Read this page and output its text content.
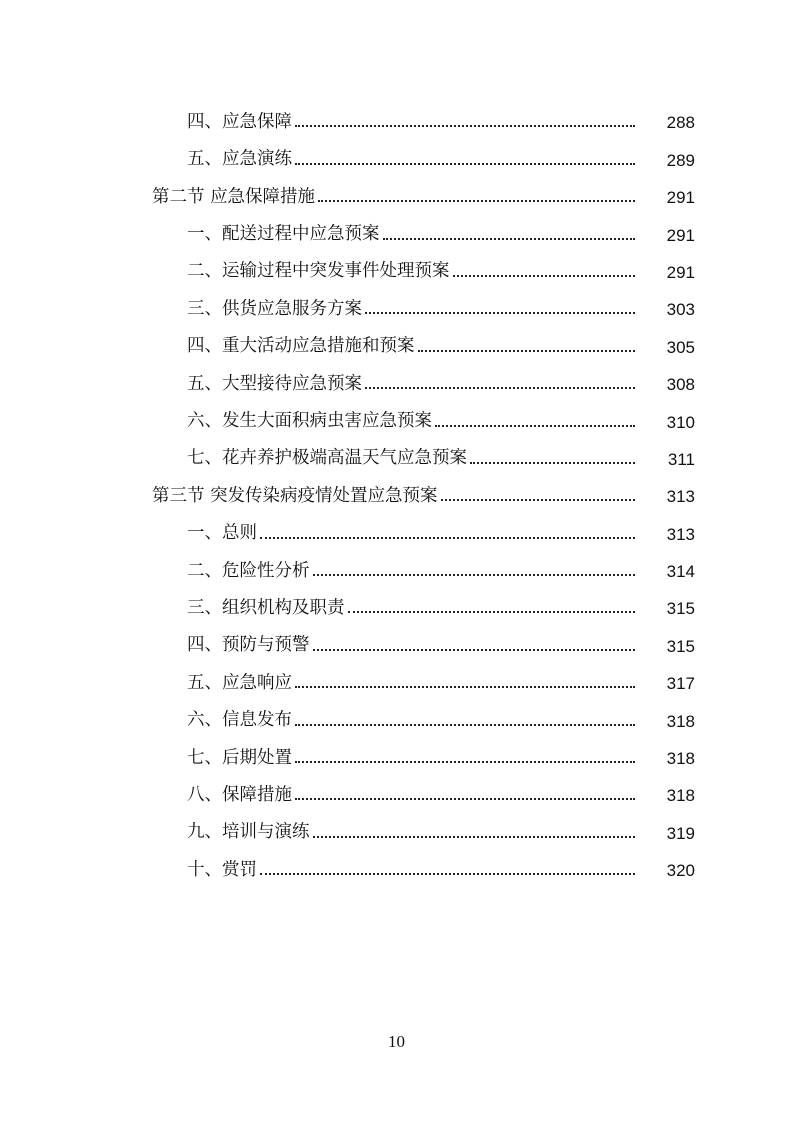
四、应急保障	288
五、应急演练	289
第二节 应急保障措施	291
一、配送过程中应急预案	291
二、运输过程中突发事件处理预案	291
三、供货应急服务方案	303
四、重大活动应急措施和预案	305
五、大型接待应急预案	308
六、发生大面积病虫害应急预案	310
七、花卉养护极端高温天气应急预案	311
第三节 突发传染病疫情处置应急预案	313
一、总则	313
二、危险性分析	314
三、组织机构及职责	315
四、预防与预警	315
五、应急响应	317
六、信息发布	318
七、后期处置	318
八、保障措施	318
九、培训与演练	319
十、赏罚	320
10
